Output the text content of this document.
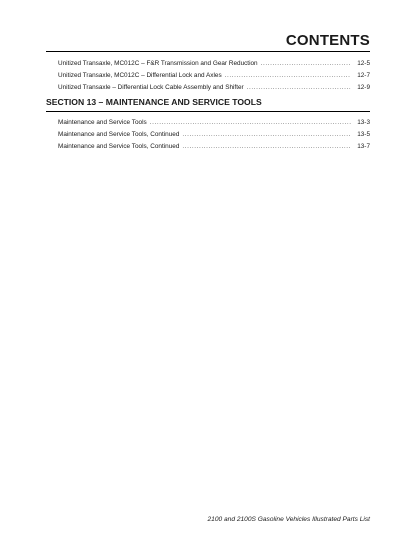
CONTENTS
Unitized Transaxle, MC012C – F&R Transmission and Gear Reduction .....	12-5
Unitized Transaxle, MC012C – Differential Lock and Axles .....	12-7
Unitized Transaxle – Differential Lock Cable Assembly and Shifter .....	12-9
SECTION 13 – MAINTENANCE AND SERVICE TOOLS
Maintenance and Service Tools .....	13-3
Maintenance and Service Tools, Continued .....	13-5
Maintenance and Service Tools, Continued .....	13-7
2100 and 2100S Gasoline Vehicles Illustrated Parts List
